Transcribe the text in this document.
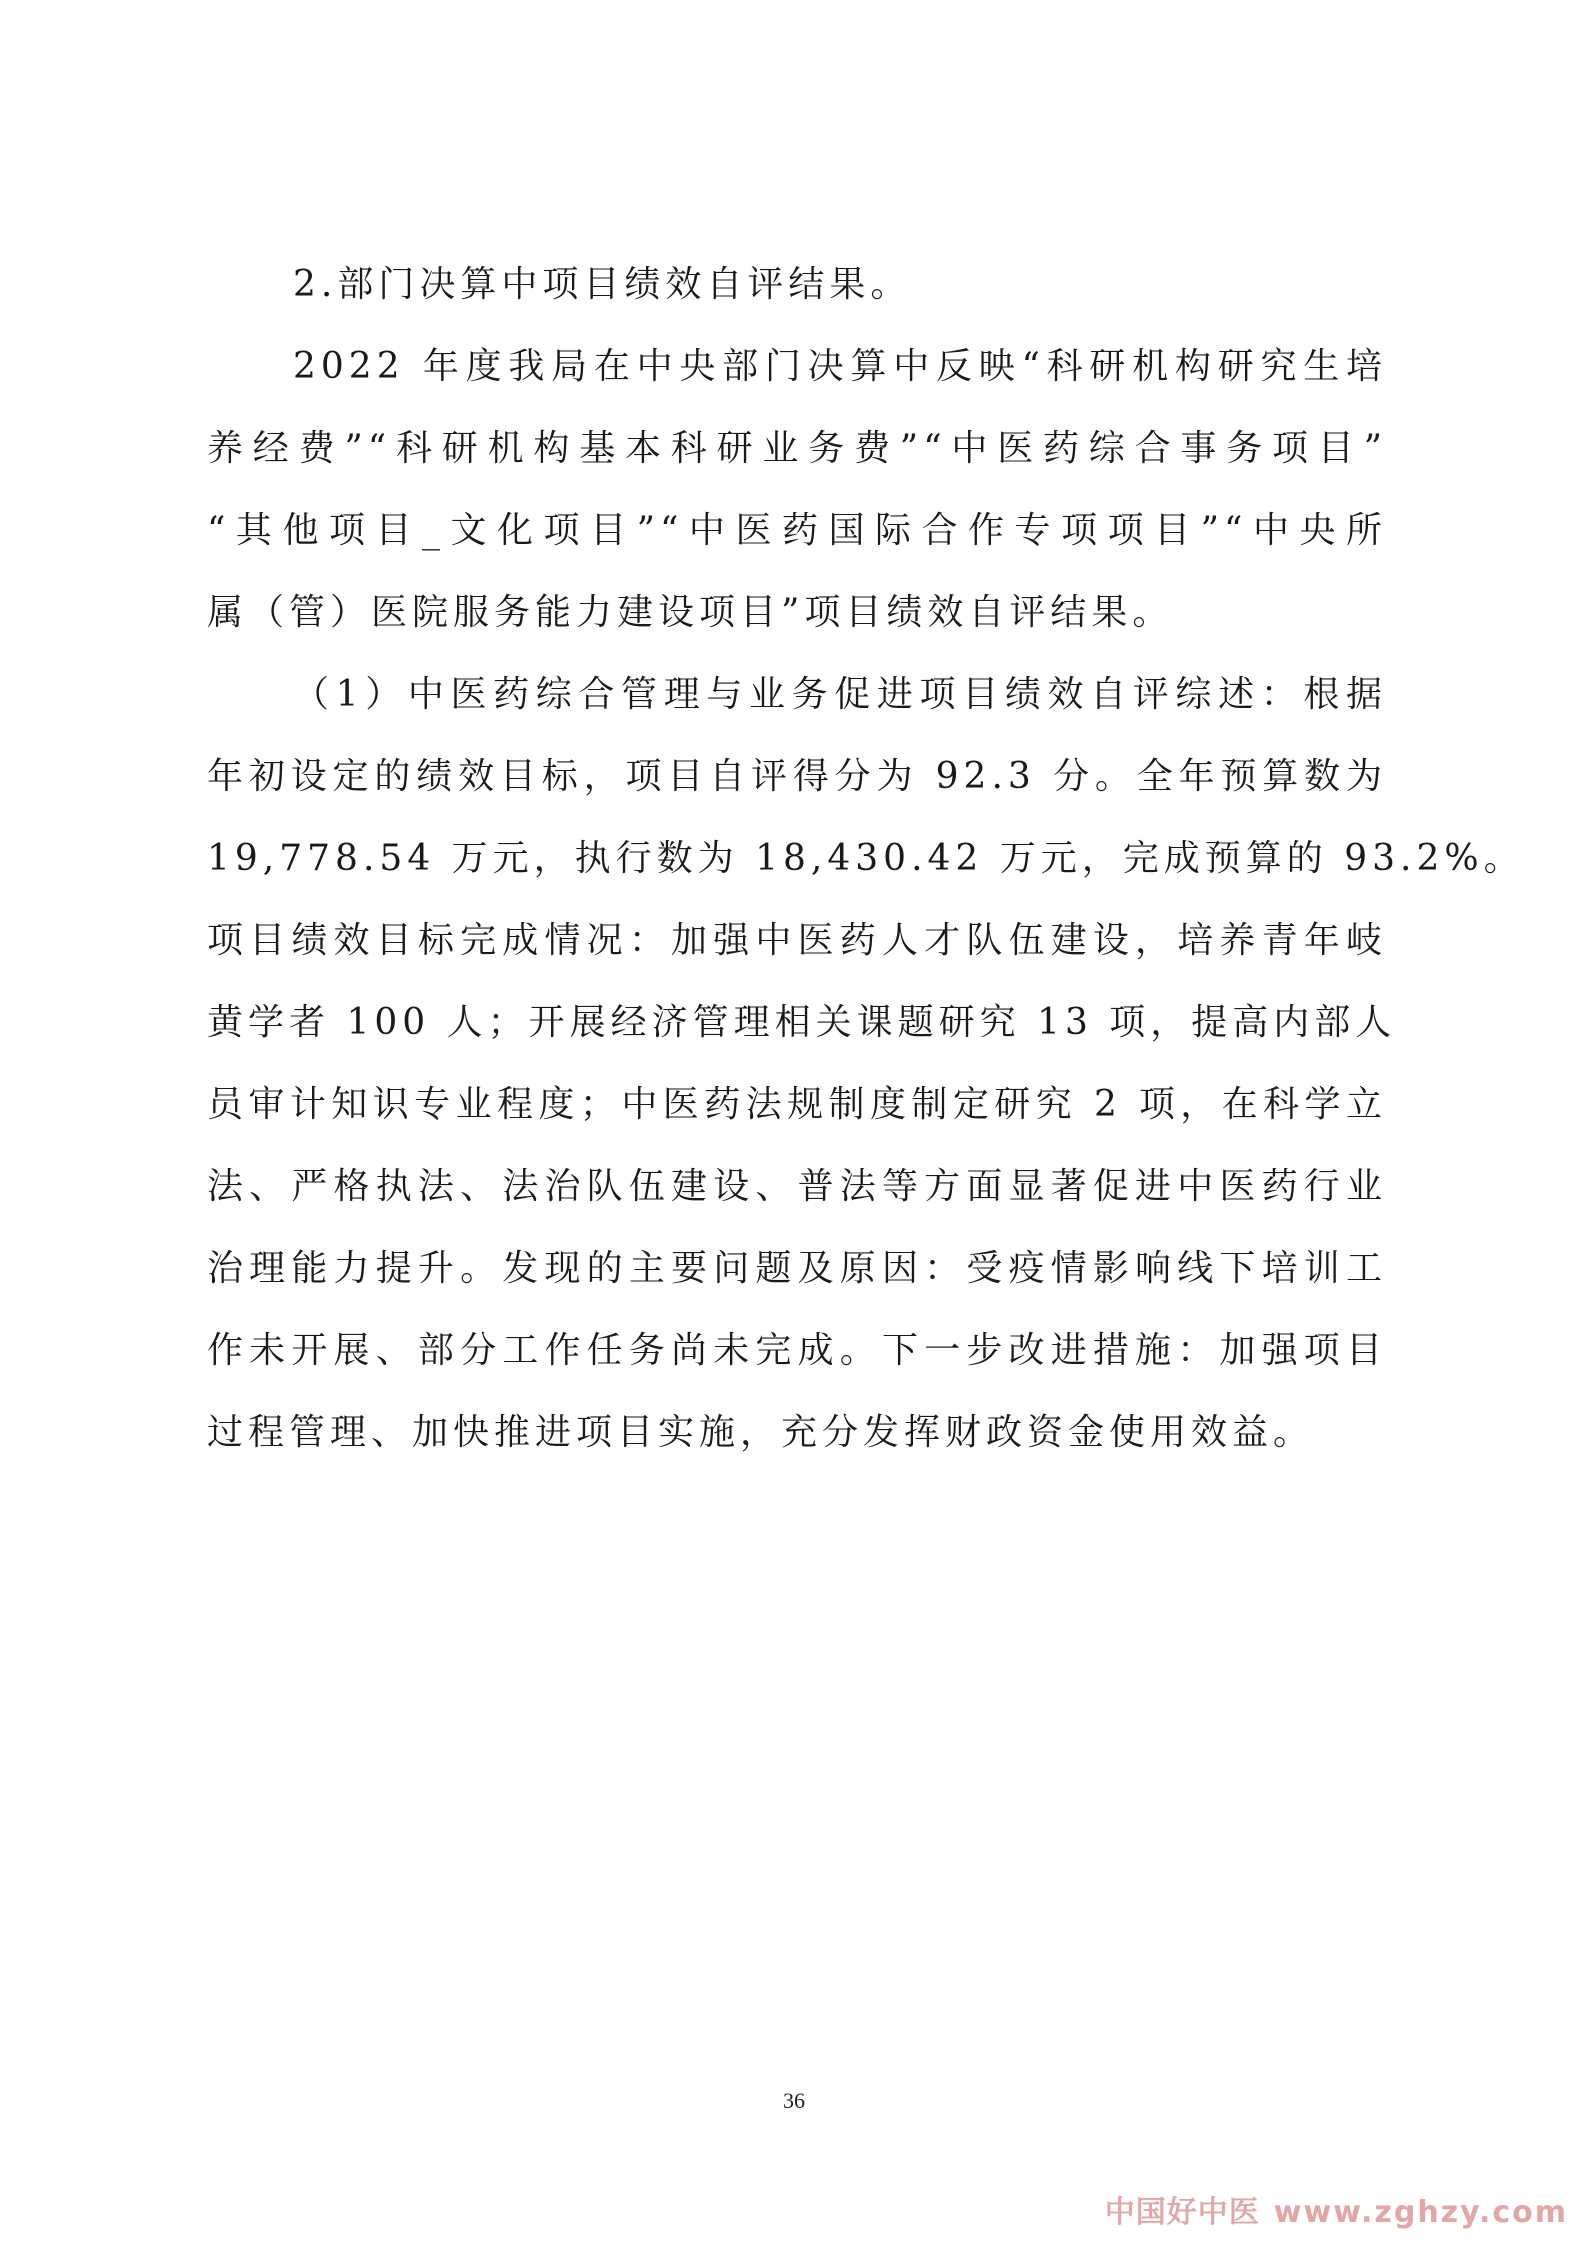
2.部门决算中项目绩效自评结果。
2022 年度我局在中央部门决算中反映“科研机构研究生培
养经费”“科研机构基本科研业务费”“中医药综合事务项目”
“其他项目_文化项目”“中医药国际合作专项项目”“中央所
属（管）医院服务能力建设项目”项目绩效自评结果。
（1）中医药综合管理与业务促进项目绩效自评综述：根据
年初设定的绩效目标，项目自评得分为 92.3 分。全年预算数为
19,778.54 万元，执行数为 18,430.42 万元，完成预算的 93.2%。
项目绩效目标完成情况：加强中医药人才队伍建设，培养青年岐
黄学者 100 人；开展经济管理相关课题研究 13 项，提高内部人
员审计知识专业程度；中医药法规制度制定研究 2 项，在科学立
法、严格执法、法治队伍建设、普法等方面显著促进中医药行业
治理能力提升。发现的主要问题及原因：受疫情影响线下培训工
作未开展、部分工作任务尚未完成。下一步改进措施：加强项目
过程管理、加快推进项目实施，充分发挥财政资金使用效益。
36
中国好中医 www.zghzy.com
